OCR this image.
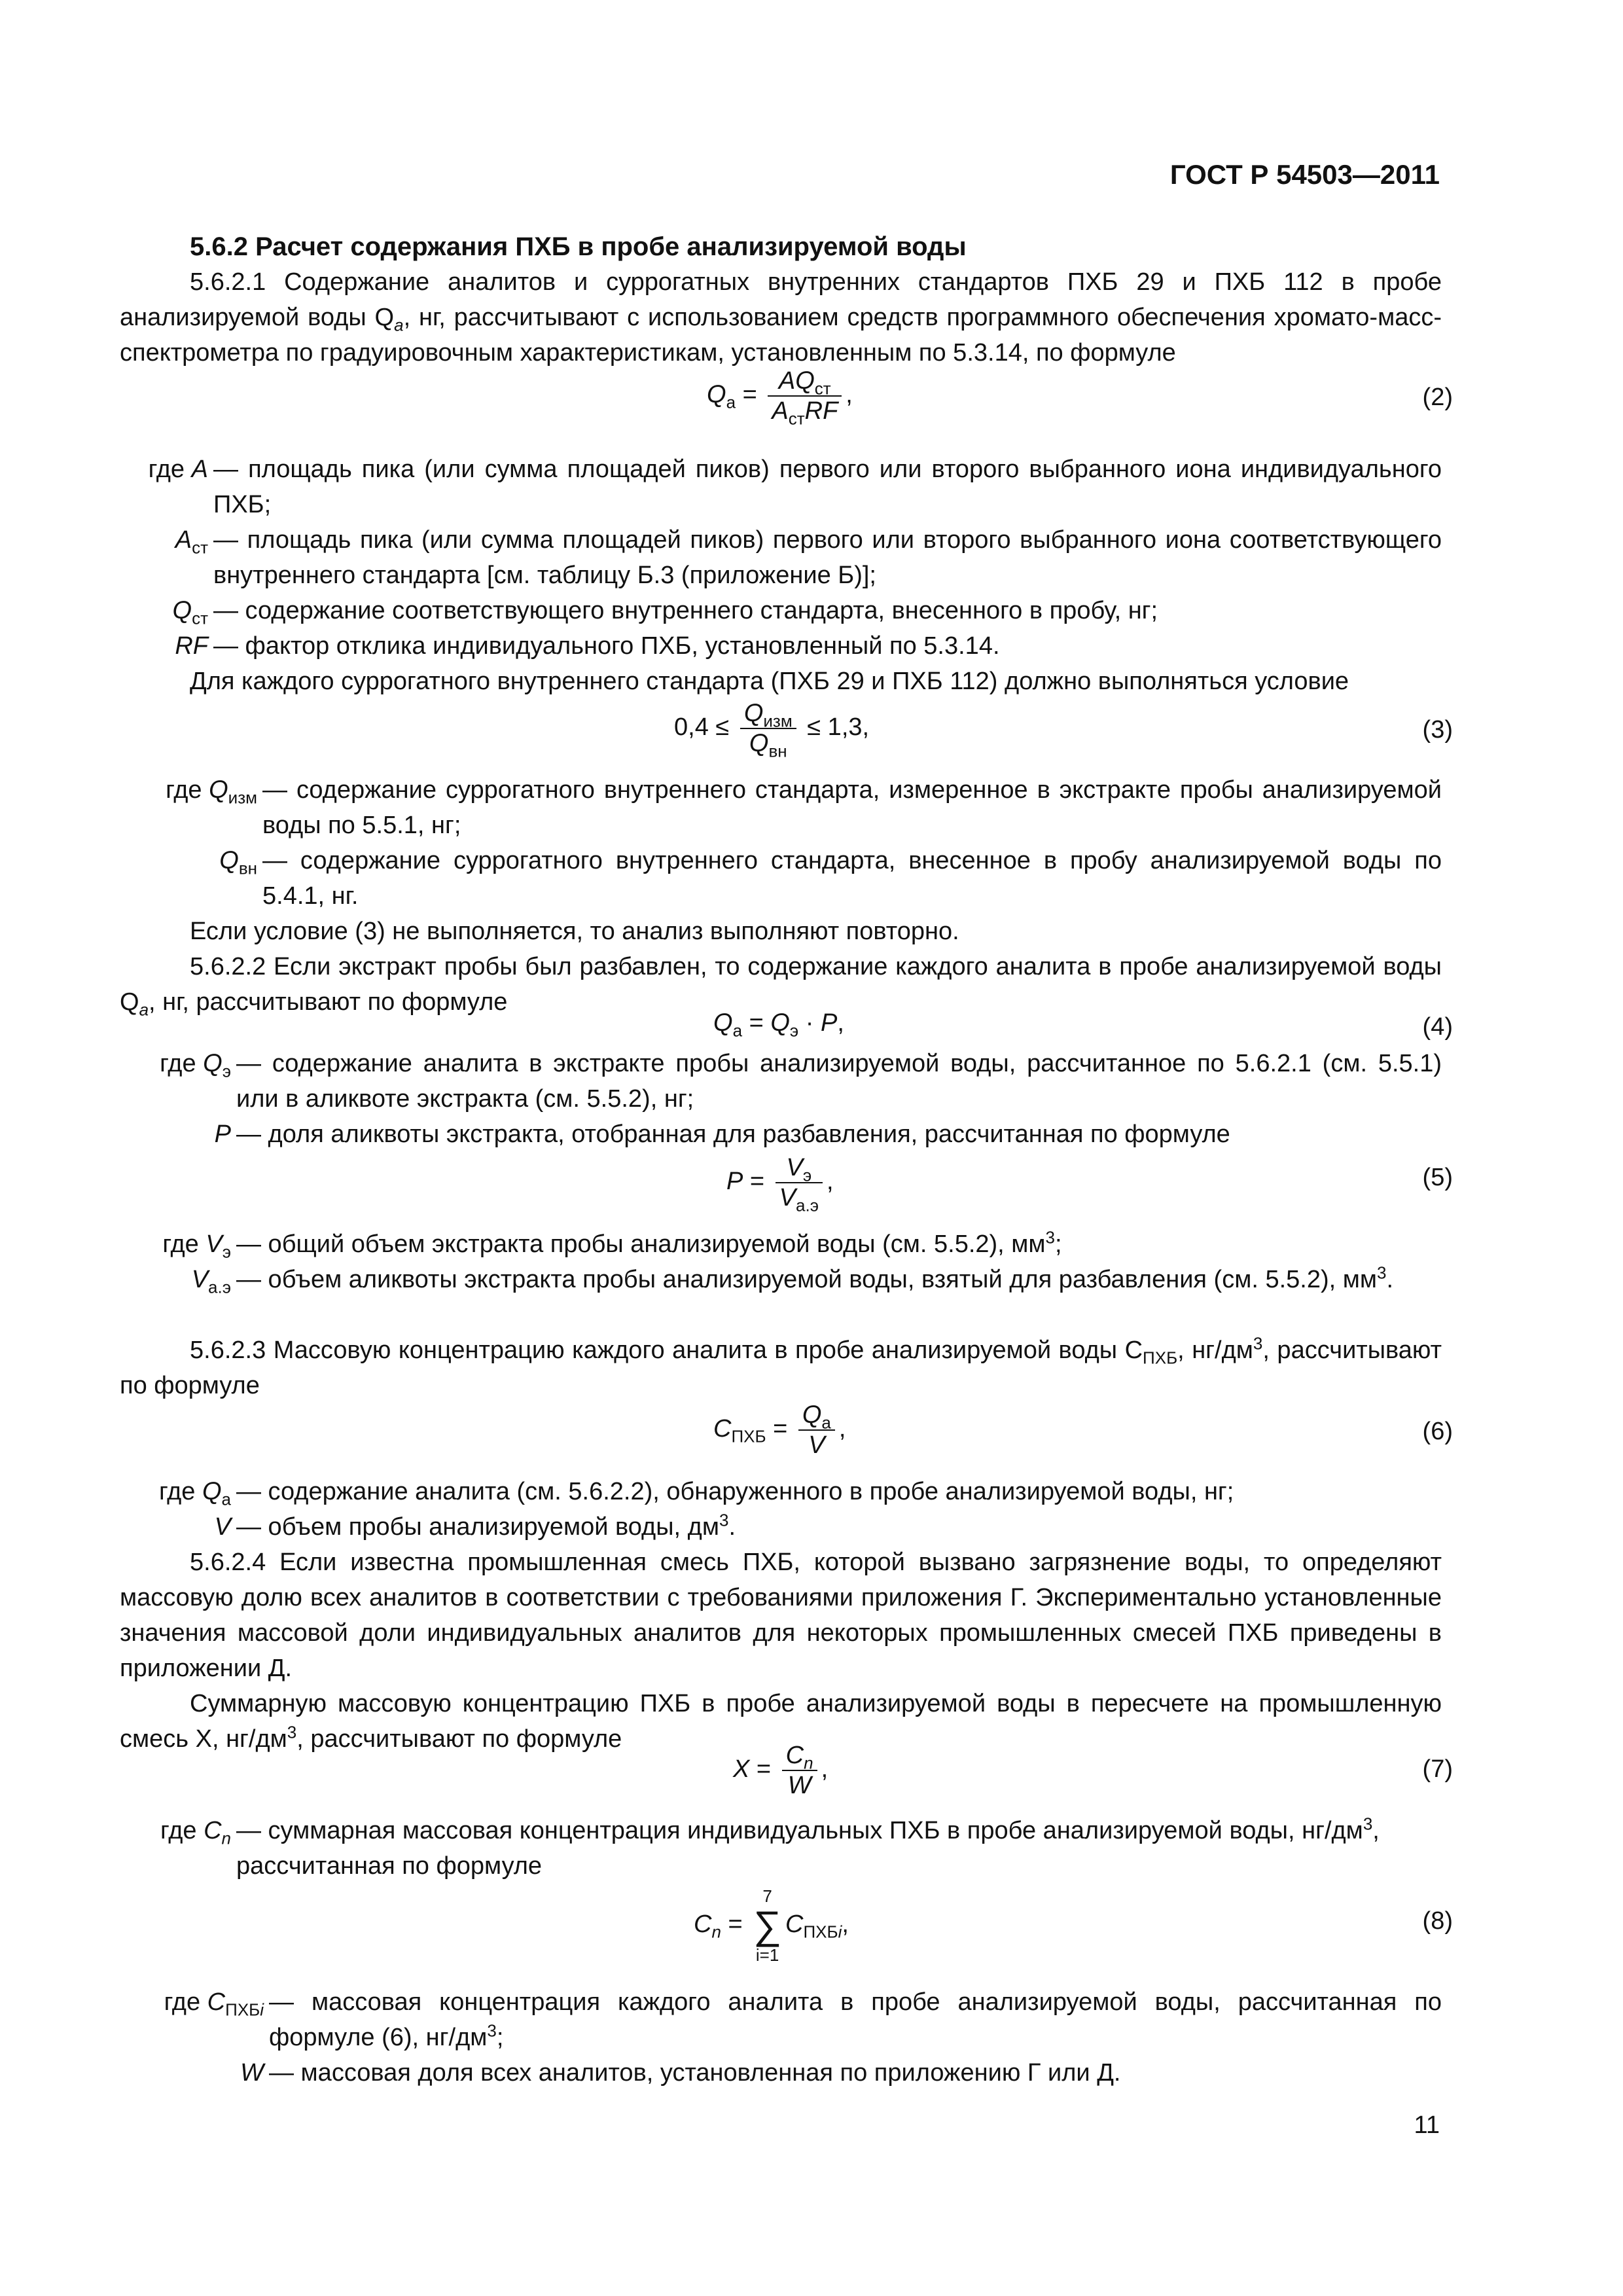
ГОСТ Р 54503—2011
5.6.2 Расчет содержания ПХБ в пробе анализируемой воды
5.6.2.1 Содержание аналитов и суррогатных внутренних стандартов ПХБ 29 и ПХБ 112 в пробе анализируемой воды $Q_a$, нг, рассчитывают с использованием средств программного обеспечения хромато-масс-спектрометра по градуировочным характеристикам, установленным по 5.3.14, по формуле
$Q_а = \frac{AQ_{ст}}{A_{ст}RF}$ ,	(2)
где A — площадь пика (или сумма площадей пиков) первого или второго выбранного иона индивидуального ПХБ;
$A_{ст}$ — площадь пика (или сумма площадей пиков) первого или второго выбранного иона соответствующего внутреннего стандарта [см. таблицу Б.3 (приложение Б)];
$Q_{ст}$ — содержание соответствующего внутреннего стандарта, внесенного в пробу, нг;
RF — фактор отклика индивидуального ПХБ, установленный по 5.3.14.
Для каждого суррогатного внутреннего стандарта (ПХБ 29 и ПХБ 112) должно выполняться условие
$0,4 \le \frac{Q_{изм}}{Q_{вн}} \le 1,3$,	(3)
где $Q_{изм}$ — содержание суррогатного внутреннего стандарта, измеренное в экстракте пробы анализируемой воды по 5.5.1, нг;
$Q_{вн}$ — содержание суррогатного внутреннего стандарта, внесенное в пробу анализируемой воды по 5.4.1, нг.
Если условие (3) не выполняется, то анализ выполняют повторно.
5.6.2.2 Если экстракт пробы был разбавлен, то содержание каждого аналита в пробе анализируемой воды $Q_a$, нг, рассчитывают по формуле
$Q_а = Q_э \cdot P$,	(4)
где $Q_э$ — содержание аналита в экстракте пробы анализируемой воды, рассчитанное по 5.6.2.1 (см. 5.5.1) или в аликвоте экстракта (см. 5.5.2), нг;
P — доля аликвоты экстракта, отобранная для разбавления, рассчитанная по формуле
$P = \frac{V_э}{V_{а.э}}$ ,	(5)
где $V_э$ — общий объем экстракта пробы анализируемой воды (см. 5.5.2), $мм^3$;
$V_{а.э}$ — объем аликвоты экстракта пробы анализируемой воды, взятый для разбавления (см. 5.5.2), $мм^3$.
5.6.2.3 Массовую концентрацию каждого аналита в пробе анализируемой воды $C_{ПХБ}$, $нг/дм^3$, рассчитывают по формуле
$C_{ПХБ} = \frac{Q_а}{V}$ ,	(6)
где $Q_а$ — содержание аналита (см. 5.6.2.2), обнаруженного в пробе анализируемой воды, нг;
V — объем пробы анализируемой воды, $дм^3$.
5.6.2.4 Если известна промышленная смесь ПХБ, которой вызвано загрязнение воды, то определяют массовую долю всех аналитов в соответствии с требованиями приложения Г. Экспериментально установленные значения массовой доли индивидуальных аналитов для некоторых промышленных смесей ПХБ приведены в приложении Д.
Суммарную массовую концентрацию ПХБ в пробе анализируемой воды в пересчете на промышленную смесь X, $нг/дм^3$, рассчитывают по формуле
$X = \frac{C_n}{W}$ ,	(7)
где $C_n$ — суммарная массовая концентрация индивидуальных ПХБ в пробе анализируемой воды, $нг/дм^3$,
рассчитанная по формуле
$C_n$ =
7
∑
i=1
$C_{ПХБi}$,	(8)
где $C_{ПХБi}$ — массовая концентрация каждого аналита в пробе анализируемой воды, рассчитанная по формуле (6), $нг/дм^3$;
W — массовая доля всех аналитов, установленная по приложению Г или Д.
11
